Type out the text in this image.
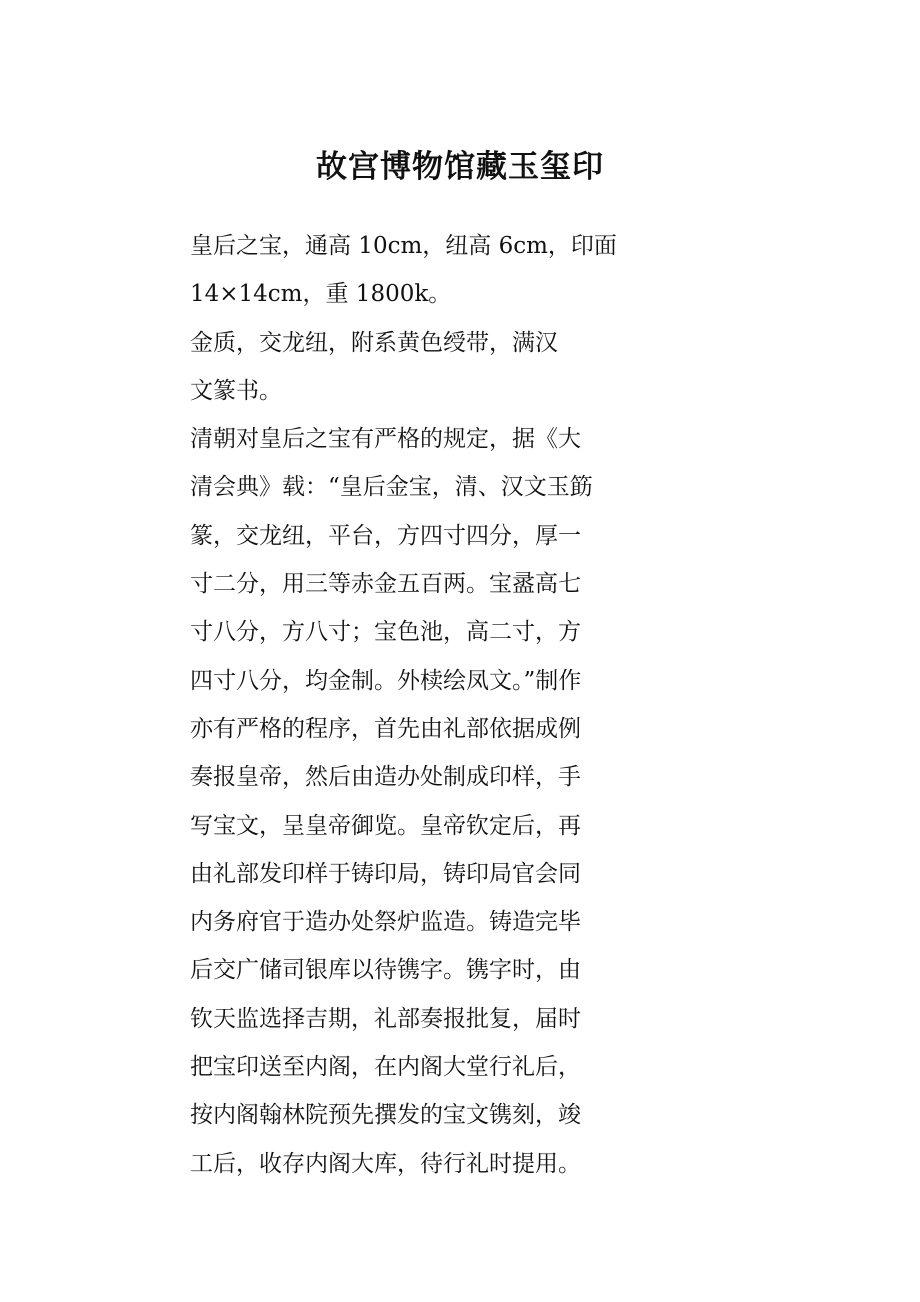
故宫博物馆藏玉玺印
皇后之宝，通高 10cm，纽高 6cm，印面
14×14cm，重 1800k。
金质，交龙纽，附系黄色绶带，满汉
文篆书。
清朝对皇后之宝有严格的规定，据《大
清会典》载：“皇后金宝，清、汉文玉筯
篆，交龙纽，平台，方四寸四分，厚一
寸二分，用三等赤金五百两。宝盝高七
寸八分，方八寸；宝色池，高二寸，方
四寸八分，均金制。外椟绘凤文。”制作
亦有严格的程序，首先由礼部依据成例
奏报皇帝，然后由造办处制成印样，手
写宝文，呈皇帝御览。皇帝钦定后，再
由礼部发印样于铸印局，铸印局官会同
内务府官于造办处祭炉监造。铸造完毕
后交广储司银库以待镌字。镌字时，由
钦天监选择吉期，礼部奏报批复，届时
把宝印送至内阁，在内阁大堂行礼后，
按内阁翰林院预先撰发的宝文镌刻，竣
工后，收存内阁大库，待行礼时提用。
